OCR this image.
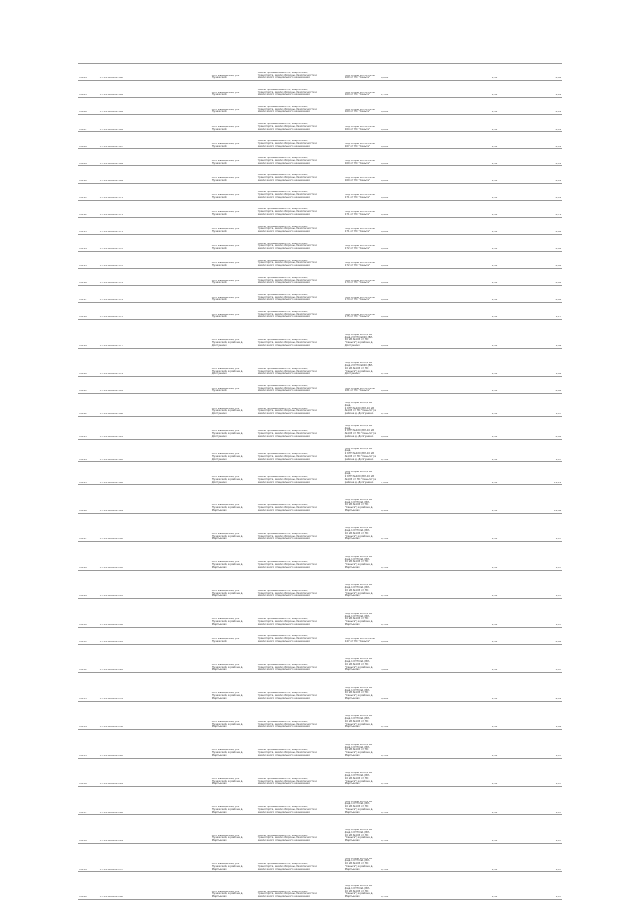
70204	37:14:000000:160
обл. Ивановская, р-н
Пучежский
Земли промышленности, энергетики,
транспорта, земли обороны, безопасности и
земли иного специального назначения
Под опоры ВЛ-10 кВ №
160 от ПС "Сеньга"	0,004	1,54	0,00
70205	37:14:000000:164
обл. Ивановская, р-н
Пучежский
Земли промышленности, энергетики,
транспорта, земли обороны, безопасности и
земли иного специального назначения
Под опоры ВЛ-10 кВ №
164 от ПС "Сеньга"	1,704	1,54	2,61
70206	37:14:000000:164
обл. Ивановская, р-н
Пучежский
Земли промышленности, энергетики,
транспорта, земли обороны, безопасности и
земли иного специального назначения
Под опоры ВЛ-10 кВ №
164 от ПС "Сеньга"	0,004	1,54	0,01
70207	37:14:000000:164
обл. Ивановская, р-н
Пучежский
Земли промышленности, энергетики,
транспорта, земли обороны, безопасности и
земли иного специального назначения
Под опоры ВЛ-10 кВ №
164 от ПС "Сеньга"	0,004	1,54	0,01
70208	37:14:000000:167
обл. Ивановская, р-н
Пучежский
Земли промышленности, энергетики,
транспорта, земли обороны, безопасности и
земли иного специального назначения
Под опоры ВЛ-10 кВ №
167 от ПС "Сеньга"	0,004	1,54	0,01
70209	37:14:000000:169
обл. Ивановская, р-н
Пучежский
Земли промышленности, энергетики,
транспорта, земли обороны, безопасности и
земли иного специального назначения
Под опоры ВЛ-10 кВ №
169 от ПС "Сеньга"	0,004	1,54	0,01
70210	37:14:000000:169
обл. Ивановская, р-н
Пучежский
Земли промышленности, энергетики,
транспорта, земли обороны, безопасности и
земли иного специального назначения
Под опоры ВЛ-10 кВ №
169 от ПС "Сеньга"	0,004	1,54	0,01
70211	37:14:000000:171
обл. Ивановская, р-н
Пучежский
Земли промышленности, энергетики,
транспорта, земли обороны, безопасности и
земли иного специального назначения
Под опоры ВЛ-10 кВ №
171 от ПС "Сеньга"	0,004	1,54	0,01
70212	37:14:000000:171
обл. Ивановская, р-н
Пучежский
Земли промышленности, энергетики,
транспорта, земли обороны, безопасности и
земли иного специального назначения
Под опоры ВЛ-10 кВ №
171 от ПС "Сеньга"	0,404	1,54	0,74
70213	37:14:000000:171
обл. Ивановская, р-н
Пучежский
Земли промышленности, энергетики,
транспорта, земли обороны, безопасности и
земли иного специального назначения
Под опоры ВЛ-10 кВ №
171 от ПС "Сеньга"	0,004	1,54	0,00
70214	37:14:000000:172
обл. Ивановская, р-н
Пучежский
Земли промышленности, энергетики,
транспорта, земли обороны, безопасности и
земли иного специального назначения
Под опоры ВЛ-10 кВ №
172 от ПС "Сеньга"	0,004	1,54	0,00
70215	37:14:000000:172
обл. Ивановская, р-н
Пучежский
Земли промышленности, энергетики,
транспорта, земли обороны, безопасности и
земли иного специального назначения
Под опоры ВЛ-10 кВ №
172 от ПС "Сеньга"	0,004	1,54	0,00
70216	37:14:000000:174
обл. Ивановская, р-н
Пучежский
Земли промышленности, энергетики,
транспорта, земли обороны, безопасности и
земли иного специального назначения
Под опоры ВЛ-10 кВ №
174 от ПС "Сеньга"	0,004	1,54	0,00
70217	37:14:000000:174
обл. Ивановская, р-н
Пучежский
Земли промышленности, энергетики,
транспорта, земли обороны, безопасности и
земли иного специального назначения
Под опоры ВЛ-10 кВ №
174 от ПС "Сеньга"	0,004	1,54	0,00
70218	37:14:000000:175
обл. Ивановская, р-н
Пучежский
Земли промышленности, энергетики,
транспорта, земли обороны, безопасности и
земли иного специального назначения
Под опоры ВЛ-10 кВ №
175 от ПС "Сеньга"	0,004	1,54	1,17
70219	37:14:000000:177
обл. Ивановская, р-н
Пучежский, в районе д.
Долгушино
Земли промышленности, энергетики,
транспорта, земли обороны, безопасности и
земли иного специального назначения
Под опоры ВЛ-0,4 кВ
фид.2 КТП №020 (ВЛ-
10 кВ №145 от ПС
"Сеньга") в районе д.
Долгушино	0,004	1,54	1,46
70220	37:14:000000:179
обл. Ивановская, р-н
Пучежский, в районе д.
Долгушино
Земли промышленности, энергетики,
транспорта, земли обороны, безопасности и
земли иного специального назначения
Под опоры ВЛ-0,4 кВ
фид.2 КТП №020 (ВЛ-
10 кВ №145 от ПС
"Сеньга") в районе д.
Долгушино	0,704	1,54	1,08
70221	37:14:000000:181
обл. Ивановская, р-н
Пучежский
Земли промышленности, энергетики,
транспорта, земли обороны, безопасности и
земли иного специального назначения
Под опоры ВЛ-10 кВ №
181 от ПС "Сеньга"	0,004	1,54	0,00
70222	37:14:000000:188
обл. Ивановская, р-н
Пучежский, в районе д.
Долгушино
Земли промышленности, энергетики,
транспорта, земли обороны, безопасности и
земли иного специального назначения
Под опоры ВЛ-0,4 кВ фид.
2 КТП №020 (ВЛ-10 кВ
№145 от ПС "Сеньга") в
районе д. Долгушино	0,704	1,54	1,07
70223	37:14:000000:191
обл. Ивановская, р-н
Пучежский, в районе д.
Долгушино
Земли промышленности, энергетики,
транспорта, земли обороны, безопасности и
земли иного специального назначения
Под опоры ВЛ-0,4 кВ фид.
2 КТП №020 (ВЛ-10 кВ
№145 от ПС "Сеньга") в
районе д. Долгушино	0,004	1,54	0,00
70224	37:14:000000:192
обл. Ивановская, р-н
Пучежский, в районе д.
Долгушино
Земли промышленности, энергетики,
транспорта, земли обороны, безопасности и
земли иного специального назначения
Под опоры ВЛ-0,4 кВ фид.
2 КТП №020 (ВЛ-10 кВ
№145 от ПС "Сеньга") в
районе д. Долгушино	0,704	1,54	1,07
70225	37:14:000000:198
обл. Ивановская, р-н
Пучежский, в районе д.
Долгушино
Земли промышленности, энергетики,
транспорта, земли обороны, безопасности и
земли иного специального назначения
Под опоры ВЛ-0,4 кВ фид.
2 КТП №020 (ВЛ-10 кВ
№145 от ПС "Сеньга") в
районе д. Долгушино	7,204	1,54	11,12
70226	37:14:000000:199
обл. Ивановская, р-н
Пучежский, в районе д.
Мартыново
Земли промышленности, энергетики,
транспорта, земли обороны, безопасности и
земли иного специального назначения
Под опоры ВЛ-0,4 кВ
фид.1 КТП №1 (ВЛ-
10 кВ №145 от ПС
"Сеньга") в районе д.
Мартыново	8,104	1,54	12,48
70227	37:14:000000:200
обл. Ивановская, р-н
Пучежский, в районе д.
Мартыново
Земли промышленности, энергетики,
транспорта, земли обороны, безопасности и
земли иного специального назначения
Под опоры ВЛ-0,4 кВ
фид.1 КТП №1 (ВЛ-
10 кВ №145 от ПС
"Сеньга") в районе д.
Мартыново	0,704	1,54	1,07
70228	37:14:000000:202
обл. Ивановская, р-н
Пучежский, в районе д.
Мартыново
Земли промышленности, энергетики,
транспорта, земли обороны, безопасности и
земли иного специального назначения
Под опоры ВЛ-0,4 кВ
фид.1 КТП №1 (ВЛ-
10 кВ №145 от ПС
"Сеньга") в районе д.
Мартыново	0,704	1,54	1,07
70229	37:14:000000:205
обл. Ивановская, р-н
Пучежский, в районе д.
Мартыново
Земли промышленности, энергетики,
транспорта, земли обороны, безопасности и
земли иного специального назначения
Под опоры ВЛ-0,4 кВ
фид.1 КТП №1 (ВЛ-
10 кВ №145 от ПС
"Сеньга") в районе д.
Мартыново	0,704	1,54	1,07
70230	37:14:000000:208
обл. Ивановская, р-н
Пучежский, в районе д.
Мартыново
Земли промышленности, энергетики,
транспорта, земли обороны, безопасности и
земли иного специального назначения
Под опоры ВЛ-0,4 кВ
фид.1 КТП №1 (ВЛ-
10 кВ №145 от ПС
"Сеньга") в районе д.
Мартыново	0,704	1,54	1,07
70231	37:14:000000:218
обл. Ивановская, р-н
Пучежский
Земли промышленности, энергетики,
транспорта, земли обороны, безопасности и
земли иного специального назначения
Под опоры ВЛ-10 кВ №
147 от ПС "Сеньга"	0,004	1,54	0,00
70232	37:14:000000:226
обл. Ивановская, р-н
Пучежский, в районе д.
Мартыново
Земли промышленности, энергетики,
транспорта, земли обороны, безопасности и
земли иного специального назначения
Под опоры ВЛ-0,4 кВ
фид.1 КТП №1 (ВЛ-
10 кВ №145 от ПС
"Сеньга") в районе д.
Мартыново	3,804	1,54	5,87
70233	37:14:000000:231
обл. Ивановская, р-н
Пучежский, в районе д.
Мартыново
Земли промышленности, энергетики,
транспорта, земли обороны, безопасности и
земли иного специального назначения
Под опоры ВЛ-0,4 кВ
фид.1 КТП №1 (ВЛ-
10 кВ №145 от ПС
"Сеньга") в районе д.
Мартыново	4,404	1,54	6,81
70234	37:14:000000:236
обл. Ивановская, р-н
Пучежский, в районе д.
Мартыново
Земли промышленности, энергетики,
транспорта, земли обороны, безопасности и
земли иного специального назначения
Под опоры ВЛ-0,4 кВ
фид.1 КТП №1 (ВЛ-
10 кВ №145 от ПС
"Сеньга") в районе д.
Мартыново	0,704	1,54	1,08
70235	37:14:000000:240
обл. Ивановская, р-н
Пучежский, в районе д.
Мартыново
Земли промышленности, энергетики,
транспорта, земли обороны, безопасности и
земли иного специального назначения
Под опоры ВЛ-0,4 кВ
фид.1 КТП №1 (ВЛ-
10 кВ №145 от ПС
"Сеньга") в районе д.
Мартыново	0,704	1,54	1,07
70236	37:14:000000:244
обл. Ивановская, р-н
Пучежский, в районе д.
Мартыново
Земли промышленности, энергетики,
транспорта, земли обороны, безопасности и
земли иного специального назначения
Под опоры ВЛ-0,4 кВ
фид.1 КТП №1 (ВЛ-
10 кВ №145 от ПС
"Сеньга") в районе д.
Мартыново	0,704	1,54	1,07
70237	37:14:000000:246
обл. Ивановская, р-н
Пучежский, в районе д.
Мартыново
Земли промышленности, энергетики,
транспорта, земли обороны, безопасности и
земли иного специального назначения
Под опоры ВЛ-0,4 кВ
фид.1 КТП №1 (ВЛ-
10 кВ №145 от ПС
"Сеньга") в районе д.
Мартыново	0,704	1,54	1,07
70238	37:14:000000:249
обл. Ивановская, р-н
Пучежский, в районе д.
Мартыново
Земли промышленности, энергетики,
транспорта, земли обороны, безопасности и
земли иного специального назначения
Под опоры ВЛ-0,4 кВ
фид.1 КТП №1 (ВЛ-
10 кВ №145 от ПС
"Сеньга") в районе д.
Мартыново	0,704	1,54	1,07
70239	37:14:000000:257
обл. Ивановская, р-н
Пучежский, в районе д.
Мартыново
Земли промышленности, энергетики,
транспорта, земли обороны, безопасности и
земли иного специального назначения
Под опоры ВЛ-0,4 кВ
фид.1 КТП №1 (ВЛ-
10 кВ №145 от ПС
"Сеньга") в районе д.
Мартыново	0,704	1,54	1,07
70240	37:14:000000:260
обл. Ивановская, р-н
Пучежский, в районе д.
Мартыново
Земли промышленности, энергетики,
транспорта, земли обороны, безопасности и
земли иного специального назначения
Под опоры ВЛ-0,4 кВ
фид.1 КТП №1 (ВЛ-
10 кВ №145 от ПС
"Сеньга") в районе д.
Мартыново	0,704	1,54	1,07
